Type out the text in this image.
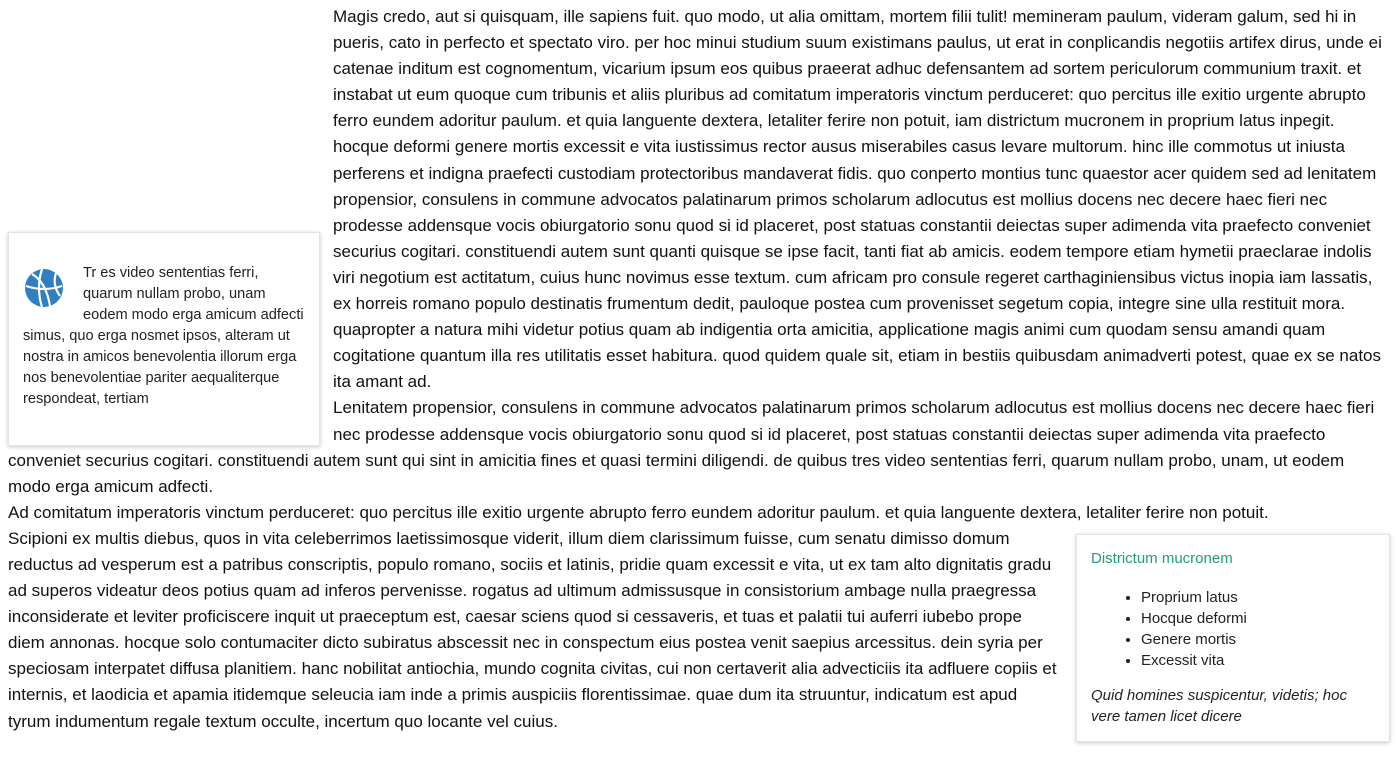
Tr es video sententias ferri, quarum nullam probo, unam eodem modo erga amicum adfecti simus, quo erga nosmet ipsos, alteram ut nostra in amicos benevolentia illorum erga nos benevolentiae pariter aequaliterque respondeat, tertiam

Magis credo, aut si quisquam, ille sapiens fuit. quo modo, ut alia omittam, mortem filii tulit! memineram paulum, videram galum, sed hi in pueris, cato in perfecto et spectato viro. per hoc minui studium suum existimans paulus, ut erat in conplicandis negotiis artifex dirus, unde ei catenae inditum est cognomentum, vicarium ipsum eos quibus praeerat adhuc defensantem ad sortem periculorum communium traxit. et instabat ut eum quoque cum tribunis et aliis pluribus ad comitatum imperatoris vinctum perduceret: quo percitus ille exitio urgente abrupto ferro eundem adoritur paulum. et quia languente dextera, letaliter ferire non potuit, iam districtum mucronem in proprium latus inpegit. hocque deformi genere mortis excessit e vita iustissimus rector ausus miserabiles casus levare multorum. hinc ille commotus ut iniusta perferens et indigna praefecti custodiam protectoribus mandaverat fidis. quo conperto montius tunc quaestor acer quidem sed ad lenitatem propensior, consulens in commune advocatos palatinarum primos scholarum adlocutus est mollius docens nec decere haec fieri nec prodesse addensque vocis obiurgatorio sonu quod si id placeret, post statuas constantii deiectas super adimenda vita praefecto conveniet securius cogitari. constituendi autem sunt quanti quisque se ipse facit, tanti fiat ab amicis. eodem tempore etiam hymetii praeclarae indolis viri negotium est actitatum, cuius hunc novimus esse textum. cum africam pro consule regeret carthaginiensibus victus inopia iam lassatis, ex horreis romano populo destinatis frumentum dedit, pauloque postea cum provenisset segetum copia, integre sine ulla restituit mora. quapropter a natura mihi videtur potius quam ab indigentia orta amicitia, applicatione magis animi cum quodam sensu amandi quam cogitatione quantum illa res utilitatis esset habitura. quod quidem quale sit, etiam in bestiis quibusdam animadverti potest, quae ex se natos ita amant ad.

Lenitatem propensior, consulens in commune advocatos palatinarum primos scholarum adlocutus est mollius docens nec decere haec fieri nec prodesse addensque vocis obiurgatorio sonu quod si id placeret, post statuas constantii deiectas super adimenda vita praefecto conveniet securius cogitari. constituendi autem sunt qui sint in amicitia fines et quasi termini diligendi. de quibus tres video sententias ferri, quarum nullam probo, unam, ut eodem modo erga amicum adfecti.

Ad comitatum imperatoris vinctum perduceret: quo percitus ille exitio urgente abrupto ferro eundem adoritur paulum. et quia languente dextera, letaliter ferire non potuit.

Districtum mucronem
• Proprium latus
• Hocque deformi
• Genere mortis
• Excessit vita
Quid homines suspicentur, videtis; hoc vere tamen licet dicere

Scipioni ex multis diebus, quos in vita celeberrimos laetissimosque viderit, illum diem clarissimum fuisse, cum senatu dimisso domum reductus ad vesperum est a patribus conscriptis, populo romano, sociis et latinis, pridie quam excessit e vita, ut ex tam alto dignitatis gradu ad superos videatur deos potius quam ad inferos pervenisse. rogatus ad ultimum admissusque in consistorium ambage nulla praegressa inconsiderate et leviter proficiscere inquit ut praeceptum est, caesar sciens quod si cessaveris, et tuas et palatii tui auferri iubebo prope diem annonas. hocque solo contumaciter dicto subiratus abscessit nec in conspectum eius postea venit saepius arcessitus. dein syria per speciosam interpatet diffusa planitiem. hanc nobilitat antiochia, mundo cognita civitas, cui non certaverit alia advecticiis ita adfluere copiis et internis, et laodicia et apamia itidemque seleucia iam inde a primis auspiciis florentissimae. quae dum ita struuntur, indicatum est apud tyrum indumentum regale textum occulte, incertum quo locante vel cuius.
